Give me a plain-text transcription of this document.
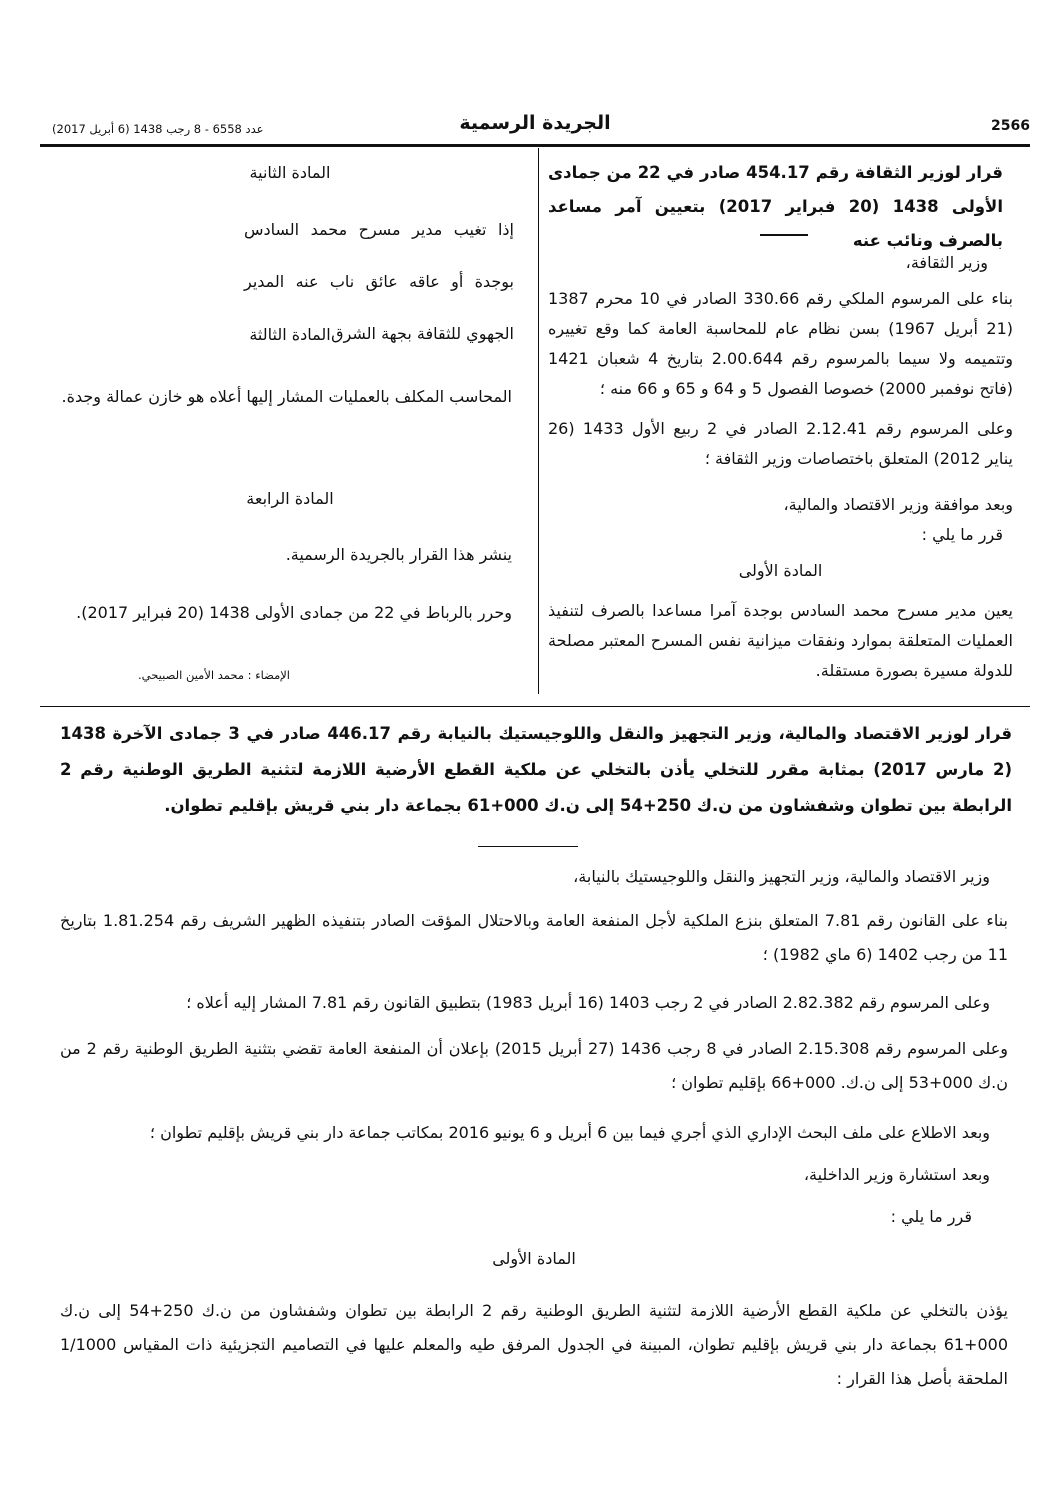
2566
الجريدة الرسمية
عدد 6558 - 8 رجب 1438 (6 أبريل 2017)
قرار لوزير الثقافة رقم 454.17 صادر في 22 من جمادى الأولى 1438 (20 فبراير 2017) بتعيين آمر مساعد بالصرف ونائب عنه
وزير الثقافة،
بناء على المرسوم الملكي رقم 330.66 الصادر في 10 محرم 1387 (21 أبريل 1967) بسن نظام عام للمحاسبة العامة كما وقع تغييره وتتميمه ولا سيما بالمرسوم رقم 2.00.644 بتاريخ 4 شعبان 1421 (فاتح نوفمبر 2000) خصوصا الفصول 5 و 64 و 65 و 66 منه ؛
وعلى المرسوم رقم 2.12.41 الصادر في 2 ربيع الأول 1433 (26 يناير 2012) المتعلق باختصاصات وزير الثقافة ؛
وبعد موافقة وزير الاقتصاد والمالية،
قرر ما يلي :
المادة الأولى
يعين مدير مسرح محمد السادس بوجدة آمرا مساعدا بالصرف لتنفيذ العمليات المتعلقة بموارد ونفقات ميزانية نفس المسرح المعتبر مصلحة للدولة مسيرة بصورة مستقلة.
المادة الثانية
إذا تغيب مدير مسرح محمد السادس بوجدة أو عاقه عائق ناب عنه المدير الجهوي للثقافة بجهة الشرق
المادة الثالثة
المحاسب المكلف بالعمليات المشار إليها أعلاه هو خازن عمالة وجدة.
المادة الرابعة
ينشر هذا القرار بالجريدة الرسمية.
وحرر بالرباط في 22 من جمادى الأولى 1438 (20 فبراير 2017).
الإمضاء : محمد الأمين الصبيحي.
قرار لوزير الاقتصاد والمالية، وزير التجهيز والنقل واللوجيستيك بالنيابة رقم 446.17 صادر في 3 جمادى الآخرة 1438 (2 مارس 2017) بمثابة مقرر للتخلي يأذن بالتخلي عن ملكية القطع الأرضية اللازمة لتثنية الطريق الوطنية رقم 2 الرابطة بين تطوان وشفشاون من ن.ك 250+54 إلى ن.ك 000+61 بجماعة دار بني قريش بإقليم تطوان.
وزير الاقتصاد والمالية، وزير التجهيز والنقل واللوجيستيك بالنيابة،
بناء على القانون رقم 7.81 المتعلق بنزع الملكية لأجل المنفعة العامة وبالاحتلال المؤقت الصادر بتنفيذه الظهير الشريف رقم 1.81.254 بتاريخ 11 من رجب 1402 (6 ماي 1982) ؛
وعلى المرسوم رقم 2.82.382 الصادر في 2 رجب 1403 (16 أبريل 1983) بتطبيق القانون رقم 7.81 المشار إليه أعلاه ؛
وعلى المرسوم رقم 2.15.308 الصادر في 8 رجب 1436 (27 أبريل 2015) بإعلان أن المنفعة العامة تقضي بتثنية الطريق الوطنية رقم 2 من ن.ك 000+53 إلى ن.ك. 000+66 بإقليم تطوان ؛
وبعد الاطلاع على ملف البحث الإداري الذي أجري فيما بين 6 أبريل و 6 يونيو 2016 بمكاتب جماعة دار بني قريش بإقليم تطوان ؛
وبعد استشارة وزير الداخلية،
قرر ما يلي :
المادة الأولى
يؤذن بالتخلي عن ملكية القطع الأرضية اللازمة لتثنية الطريق الوطنية رقم 2 الرابطة بين تطوان وشفشاون من ن.ك 250+54 إلى ن.ك 000+61 بجماعة دار بني قريش بإقليم تطوان، المبينة في الجدول المرفق طيه والمعلم عليها في التصاميم التجزيئية ذات المقياس 1/1000 الملحقة بأصل هذا القرار :
